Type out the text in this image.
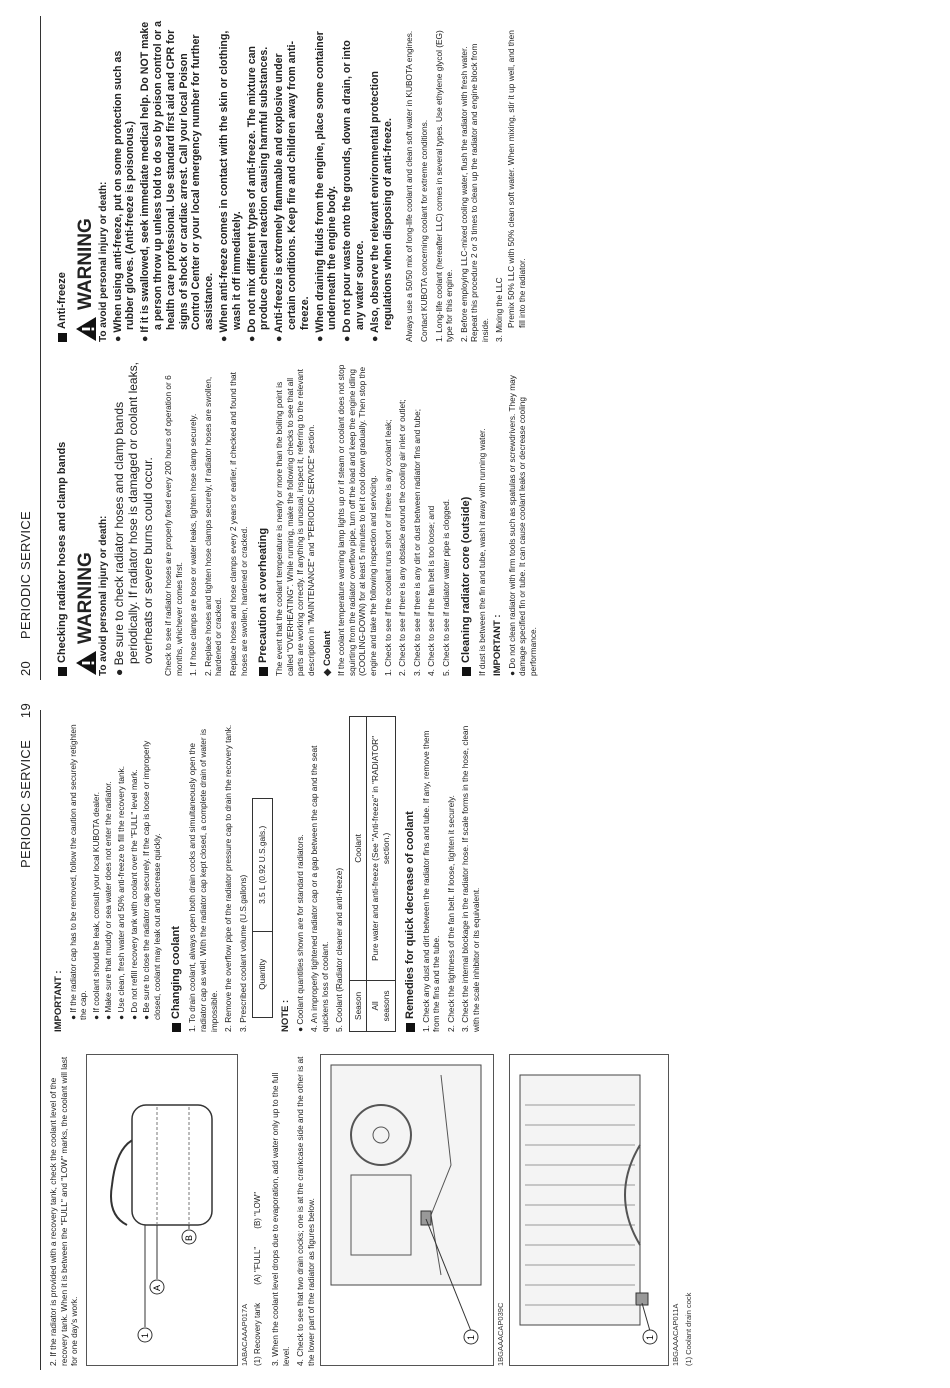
PERIODIC SERVICE  19

2. If the radiator is provided with a recovery tank, check the coolant level of the recovery tank. When it is between the "FULL" and "LOW" marks, the coolant will last for one day's work.	1
A
B
1ABACAAAP017A (1) Recovery tank
(A) "FULL"
(B) "LOW" 3. When the coolant level drops due to evaporation, add water only up to the full level. 4. Check to see that two drain cocks; one is at the crankcase side and the other is at the lower part of the radiator as figures below.	1	1BGAAACAP039C	1 1BGAAACAP011A (1) Coolant drain cock
IMPORTANT : ● If the radiator cap has to be removed, follow the caution and securely retighten the cap. ● If coolant should be leak, consult your local KUBOTA dealer.
● Make sure that muddy or sea water does not enter the radiator.
● Use clean, fresh water and 50% anti-freeze to fill the recovery tank.
● Do not refill recovery tank with coolant over the "FULL" level mark.
● Be sure to close the radiator cap securely. If the cap is loose or improperly closed, coolant may leak out and decrease quickly. Changing coolant 1. To drain coolant, always open both drain cocks and simultaneously open the radiator cap as well. With the radiator cap kept closed, a complete drain of water is impossible. 2. Remove the overflow pipe of the radiator pressure cap to drain the recovery tank. 3. Prescribed coolant volume (U.S.gallons)	Quantity
3.5 L (0.92 U.S.gals.)
NOTE : ● Coolant quantities shown are for standard radiators. 4. An improperly tightened radiator cap or a gap between the cap and the seat quickens loss of coolant. 5. Coolant (Radiator cleaner and anti-freeze) Season	Coolant
All seasons	Pure water and anti-freeze (See "Anti-freeze" in "RADIATOR" section.) Remedies for quick decrease of coolant 1. Check any dust and dirt between the radiator fins and tube. If any, remove them from the fins and the tube. 2. Check the tightness of the fan belt. If loose, tighten it securely. 3. Check the internal blockage in the radiator hose. If scale forms in the hose, clean with the scale inhibitor or its equivalent.

20  PERIODIC SERVICE Checking radiator hoses and clamp bands WARNING To avoid personal injury or death: ● Be sure to check radiator hoses and clamp bands periodically. If radiator hose is damaged or coolant leaks, overheats or severe burns could occur. Check to see if radiator hoses are properly fixed every 200 hours of operation or 6 months, whichever comes first. 1. If hose clamps are loose or water leaks, tighten hose clamp securely. 2. Replace hoses and tighten hose clamps securely, if radiator hoses are swollen, hardened or cracked. Replace hoses and hose clamps every 2 years or earlier, if checked and found that hoses are swollen, hardened or cracked. Precaution at overheating The event that the coolant temperature is nearly or more than the boiling point is called "OVERHEATING". While running, make the following checks to see that all parts are working correctly. If anything is unusual, inspect it, referring to the relevant description in "MAINTENANCE" and "PERIODIC SERVICE" section. ◆ Coolant If the coolant temperature warning lamp lights up or if steam or coolant does not stop squirting from the radiator overflow pipe, turn off the load and keep the engine idling (COOLING-DOWN) for at least 5 minutes to let it cool down gradually. Then stop the engine and take the following inspection and servicing. 1. Check to see if the coolant runs short or if there is any coolant leak; 2. Check to see if there is any obstacle around the cooling air inlet or outlet; 3. Check to see if there is any dirt or dust between radiator fins and tube; 4. Check to see if the fan belt is too loose; and 5. Check to see if radiator water pipe is clogged. Cleaning radiator core (outside) If dust is between the fin and tube, wash it away with running water. IMPORTANT : ● Do not clean radiator with firm tools such as spatulas or screwdrivers. They may damage specified fin or tube. It can cause coolant leaks or decrease cooling performance.

Anti-freeze WARNING To avoid personal injury or death: ● When using anti-freeze, put on some protection such as rubber gloves. (Anti-freeze is poisonous.) ● If it is swallowed, seek immediate medical help. Do NOT make a person throw up unless told to do so by poison control or a health care professional. Use standard first aid and CPR for signs of shock or cardiac arrest. Call your local Poison Control Center or your local emergency number for further assistance. ● When anti-freeze comes in contact with the skin or clothing, wash it off immediately. ● Do not mix different types of anti-freeze. The mixture can produce chemical reaction causing harmful substances. ● Anti-freeze is extremely flammable and explosive under certain conditions. Keep fire and children away from anti-freeze. ● When draining fluids from the engine, place some container underneath the engine body. ● Do not pour waste onto the grounds, down a drain, or into any water source. ● Also, observe the relevant environmental protection regulations when disposing of anti-freeze. Always use a 50/50 mix of long-life coolant and clean soft water in KUBOTA engines. Contact KUBOTA concerning coolant for extreme conditions. 1. Long-life coolant (hereafter LLC) comes in several types. Use ethylene glycol (EG) type for this engine. 2. Before employing LLC-mixed cooling water, flush the radiator with fresh water. Repeat this procedure 2 or 3 times to clean up the radiator and engine block from inside. 3. Mixing the LLC Premix 50% LLC with 50% clean soft water. When mixing, stir it up well, and then fill into the radiator.
